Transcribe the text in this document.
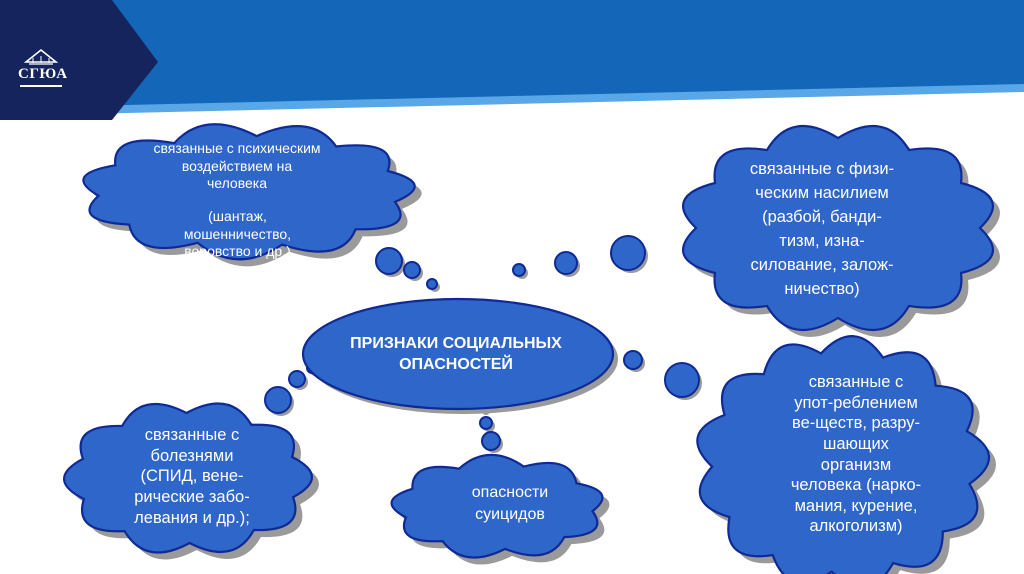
СГЮА
связанные с психическим
воздействием на
человека
(шантаж,
мошенничество,
воровство и др.)
связанные с физи-
ческим насилием
(разбой, банди-
тизм, изна-
силование, залож-
ничество)
ПРИЗНАКИ СОЦИАЛЬНЫХ
ОПАСНОСТЕЙ
связанные с
болезнями
(СПИД, вене-
рические забо-
левания и др.);
опасности
суицидов
связанные с
упот-реблением
ве-ществ, разру-
шающих
организм
человека (нарко-
мания, курение,
алкоголизм)
